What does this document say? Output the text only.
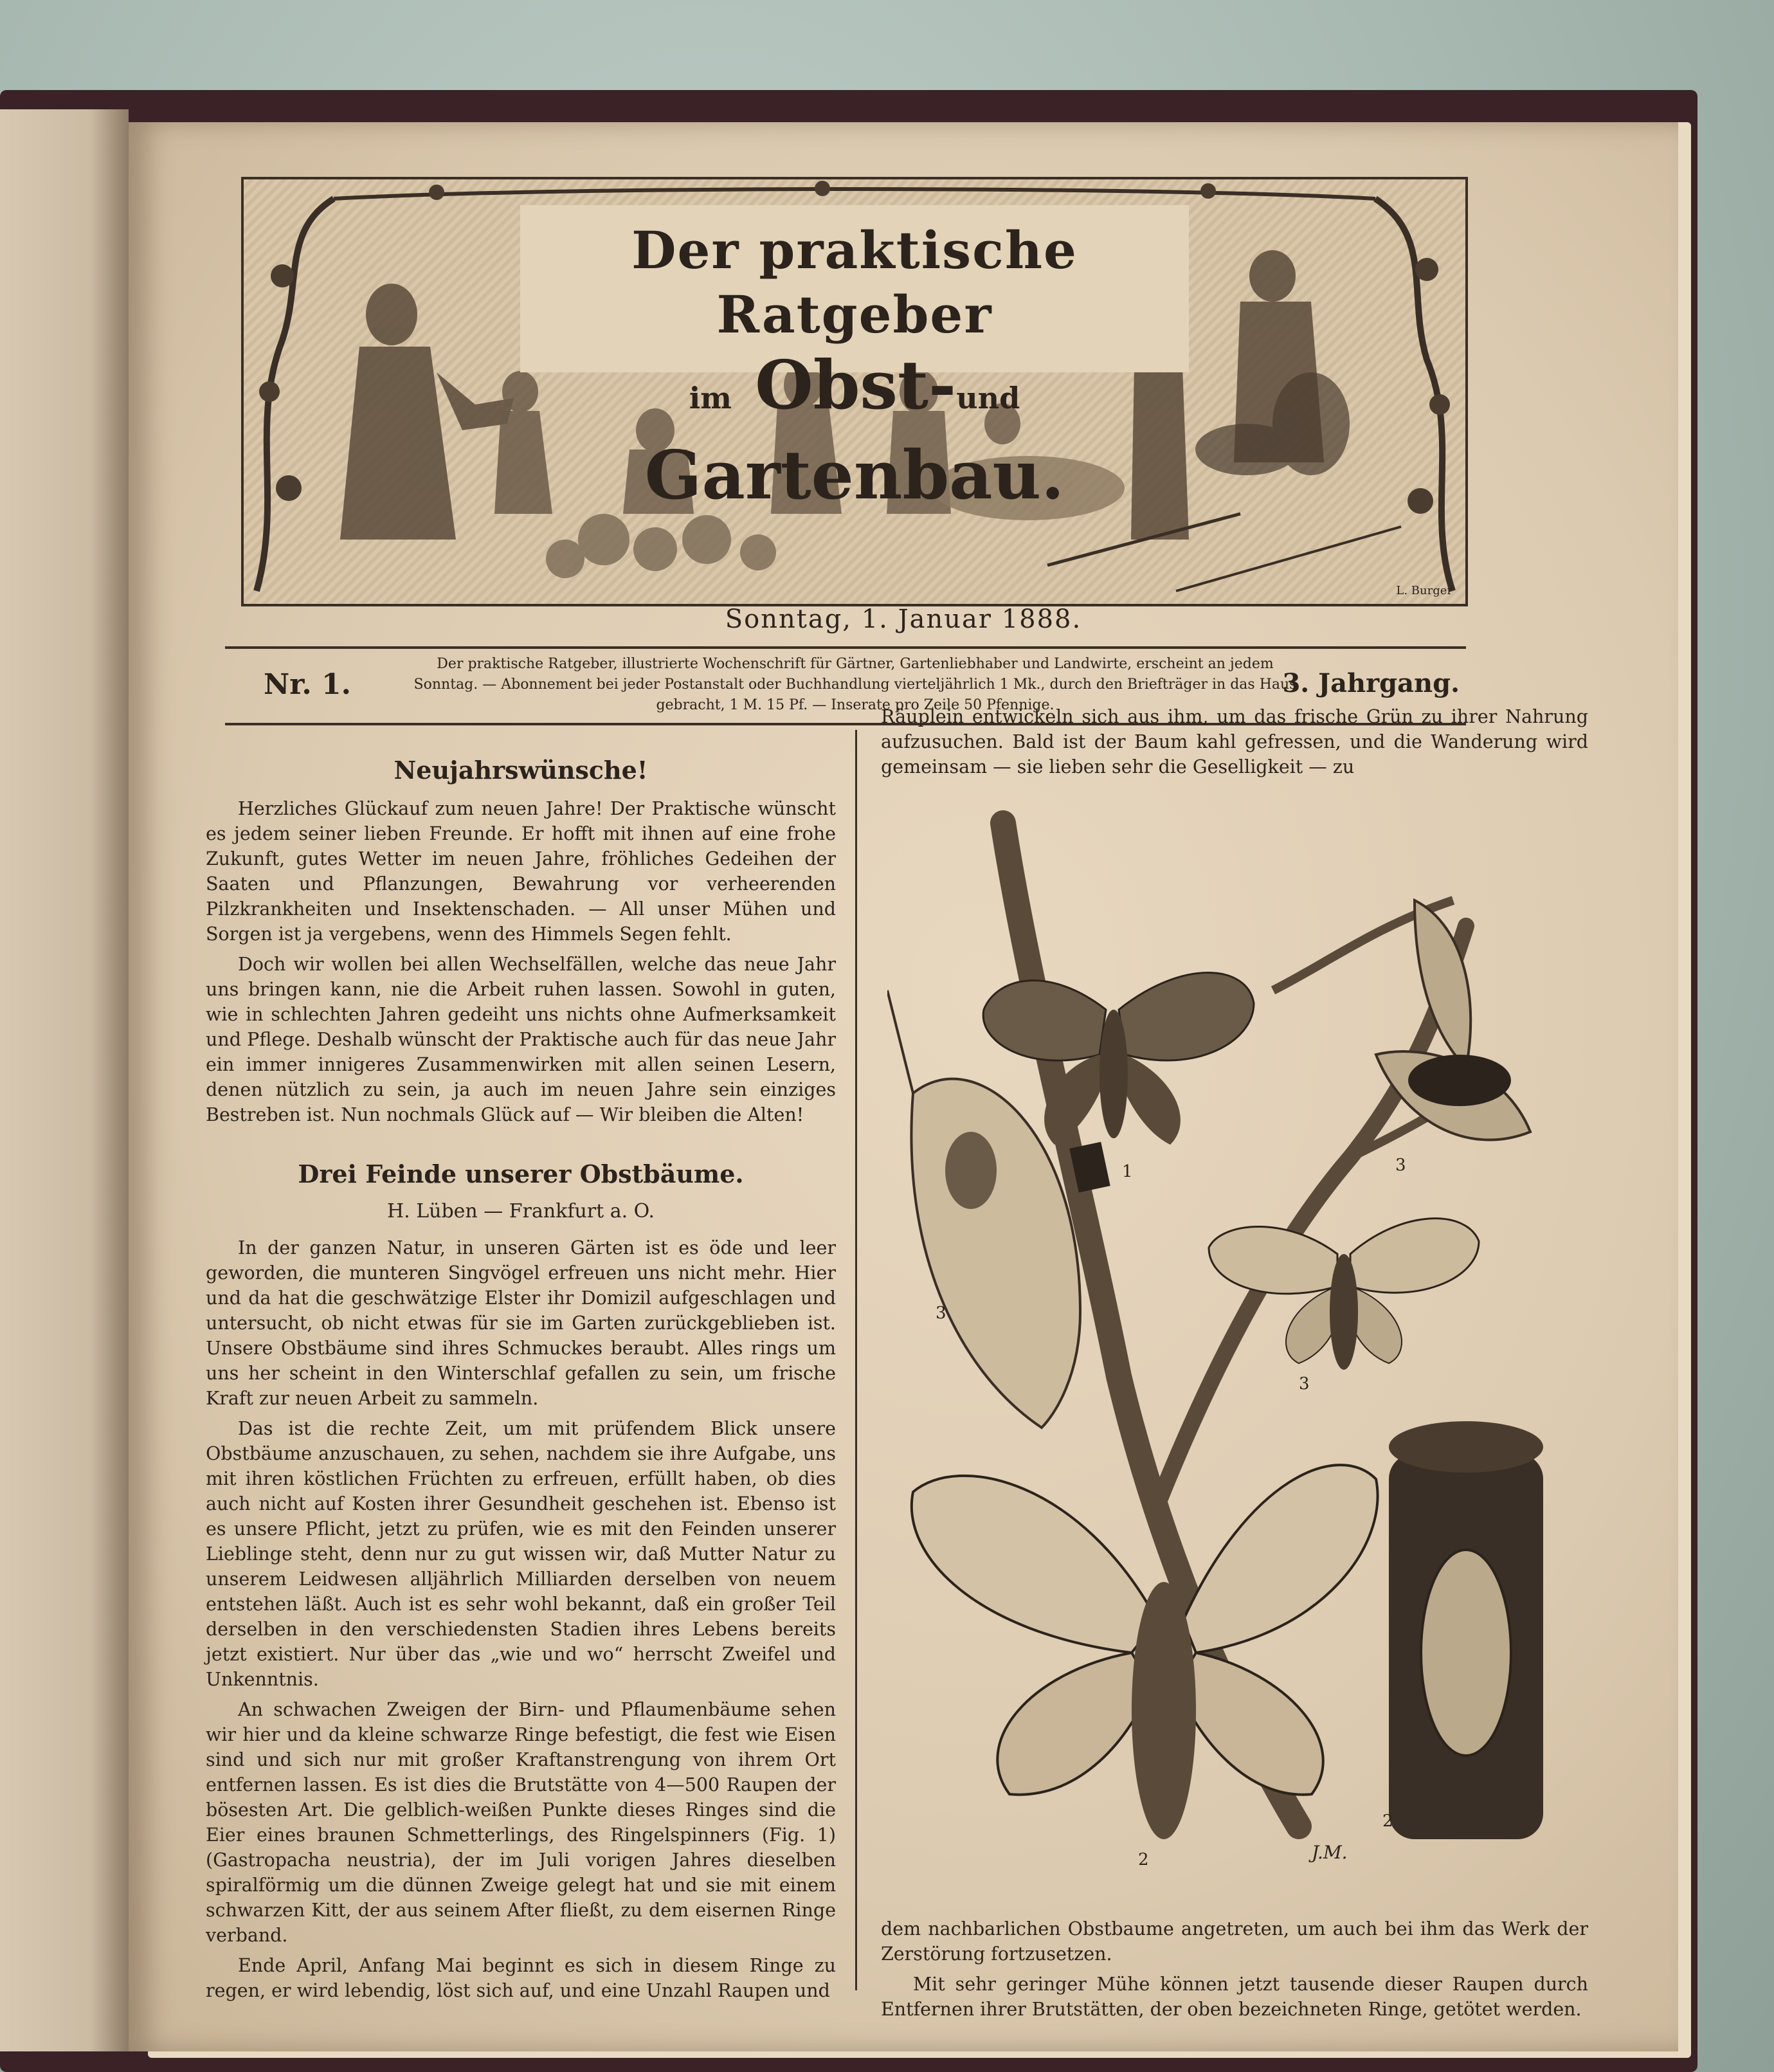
Der praktische Ratgeber
im Obst-und Gartenbau.
L. Burger
Sonntag, 1. Januar 1888.
Nr. 1.
Der praktische Ratgeber, illustrierte Wochenschrift für Gärtner, Gartenliebhaber und Landwirte, erscheint an jedem Sonntag. — Abonnement bei jeder Postanstalt oder Buchhandlung vierteljährlich 1 Mk., durch den Briefträger in das Haus gebracht, 1 M. 15 Pf. — Inserate pro Zeile 50 Pfennige.
3. Jahrgang.
Neujahrswünsche!

Herzliches Glückauf zum neuen Jahre! Der Praktische wünscht es jedem seiner lieben Freunde. Er hofft mit ihnen auf eine frohe Zukunft, gutes Wetter im neuen Jahre, fröhliches Gedeihen der Saaten und Pflanzungen, Bewahrung vor verheerenden Pilzkrankheiten und Insektenschaden. — All unser Mühen und Sorgen ist ja vergebens, wenn des Himmels Segen fehlt.

Doch wir wollen bei allen Wechselfällen, welche das neue Jahr uns bringen kann, nie die Arbeit ruhen lassen. Sowohl in guten, wie in schlechten Jahren gedeiht uns nichts ohne Aufmerksamkeit und Pflege. Deshalb wünscht der Praktische auch für das neue Jahr ein immer innigeres Zusammenwirken mit allen seinen Lesern, denen nützlich zu sein, ja auch im neuen Jahre sein einziges Bestreben ist. Nun nochmals Glück auf — Wir bleiben die Alten!

Drei Feinde unserer Obstbäume.
H. Lüben — Frankfurt a. O.

In der ganzen Natur, in unseren Gärten ist es öde und leer geworden, die munteren Singvögel erfreuen uns nicht mehr. Hier und da hat die geschwätzige Elster ihr Domizil aufgeschlagen und untersucht, ob nicht etwas für sie im Garten zurückgeblieben ist. Unsere Obstbäume sind ihres Schmuckes beraubt. Alles rings um uns her scheint in den Winterschlaf gefallen zu sein, um frische Kraft zur neuen Arbeit zu sammeln.

Das ist die rechte Zeit, um mit prüfendem Blick unsere Obstbäume anzuschauen, zu sehen, nachdem sie ihre Aufgabe, uns mit ihren köstlichen Früchten zu erfreuen, erfüllt haben, ob dies auch nicht auf Kosten ihrer Gesundheit geschehen ist. Ebenso ist es unsere Pflicht, jetzt zu prüfen, wie es mit den Feinden unserer Lieblinge steht, denn nur zu gut wissen wir, daß Mutter Natur zu unserem Leidwesen alljährlich Milliarden derselben von neuem entstehen läßt. Auch ist es sehr wohl bekannt, daß ein großer Teil derselben in den verschiedensten Stadien ihres Lebens bereits jetzt existiert. Nur über das „wie und wo“ herrscht Zweifel und Unkenntnis.

An schwachen Zweigen der Birn- und Pflaumenbäume sehen wir hier und da kleine schwarze Ringe befestigt, die fest wie Eisen sind und sich nur mit großer Kraftanstrengung von ihrem Ort entfernen lassen. Es ist dies die Brutstätte von 4—500 Raupen der bösesten Art. Die gelblich-weißen Punkte dieses Ringes sind die Eier eines braunen Schmetterlings, des Ringelspinners (Fig. 1) (Gastropacha neustria), der im Juli vorigen Jahres dieselben spiralförmig um die dünnen Zweige gelegt hat und sie mit einem schwarzen Kitt, der aus seinem After fließt, zu dem eisernen Ringe verband.

Ende April, Anfang Mai beginnt es sich in diesem Ringe zu regen, er wird lebendig, löst sich auf, und eine Unzahl Raupen und

Räuplein entwickeln sich aus ihm, um das frische Grün zu ihrer Nahrung aufzusuchen. Bald ist der Baum kahl gefressen, und die Wanderung wird gemeinsam — sie lieben sehr die Geselligkeit — zu

1
3
3
3
2
2
J.M.

dem nachbarlichen Obstbaume angetreten, um auch bei ihm das Werk der Zerstörung fortzusetzen.

Mit sehr geringer Mühe können jetzt tausende dieser Raupen durch Entfernen ihrer Brutstätten, der oben bezeichneten Ringe, getötet werden.
